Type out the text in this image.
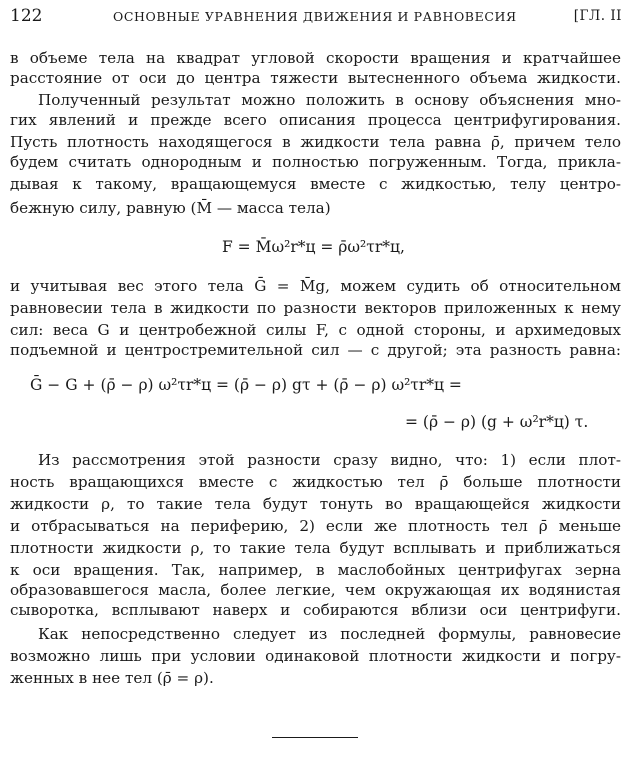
122	ОСНОВНЫЕ УРАВНЕНИЯ ДВИЖЕНИЯ И РАВНОВЕСИЯ	[ГЛ. II
в объеме тела на квадрат угловой скорости вращения и кратчайшее
расстояние от оси до центра тяжести вытесненного объема жидкости.
Полученный результат можно положить в основу объяснения мно-
гих явлений и прежде всего описания процесса центрифугирования.
Пусть плотность находящегося в жидкости тела равна ρ̄, причем тело
будем считать однородным и полностью погруженным. Тогда, прикла-
дывая к такому, вращающемуся вместе с жидкостью, телу центро-
бежную силу, равную (M̄ — масса тела)
F = M̄ω²r*ц = ρ̄ω²τr*ц,
и учитывая вес этого тела Ḡ = M̄g, можем судить об относительном
равновесии тела в жидкости по разности векторов приложенных к нему
сил: веса G и центробежной силы F, с одной стороны, и архимедовых
подъемной и центростремительной сил — с другой; эта разность равна:
Ḡ − G + (ρ̄ − ρ) ω²τr*ц = (ρ̄ − ρ) gτ + (ρ̄ − ρ) ω²τr*ц =
= (ρ̄ − ρ) (g + ω²r*ц) τ.
Из рассмотрения этой разности сразу видно, что: 1) если плот-
ность вращающихся вместе с жидкостью тел ρ̄ больше плотности
жидкости ρ, то такие тела будут тонуть во вращающейся жидкости
и отбрасываться на периферию, 2) если же плотность тел ρ̄ меньше
плотности жидкости ρ, то такие тела будут всплывать и приближаться
к оси вращения. Так, например, в маслобойных центрифугах зерна
образовавшегося масла, более легкие, чем окружающая их водянистая
сыворотка, всплывают наверх и собираются вблизи оси центрифуги.
Как непосредственно следует из последней формулы, равновесие
возможно лишь при условии одинаковой плотности жидкости и погру-
женных в нее тел (ρ̄ = ρ).
